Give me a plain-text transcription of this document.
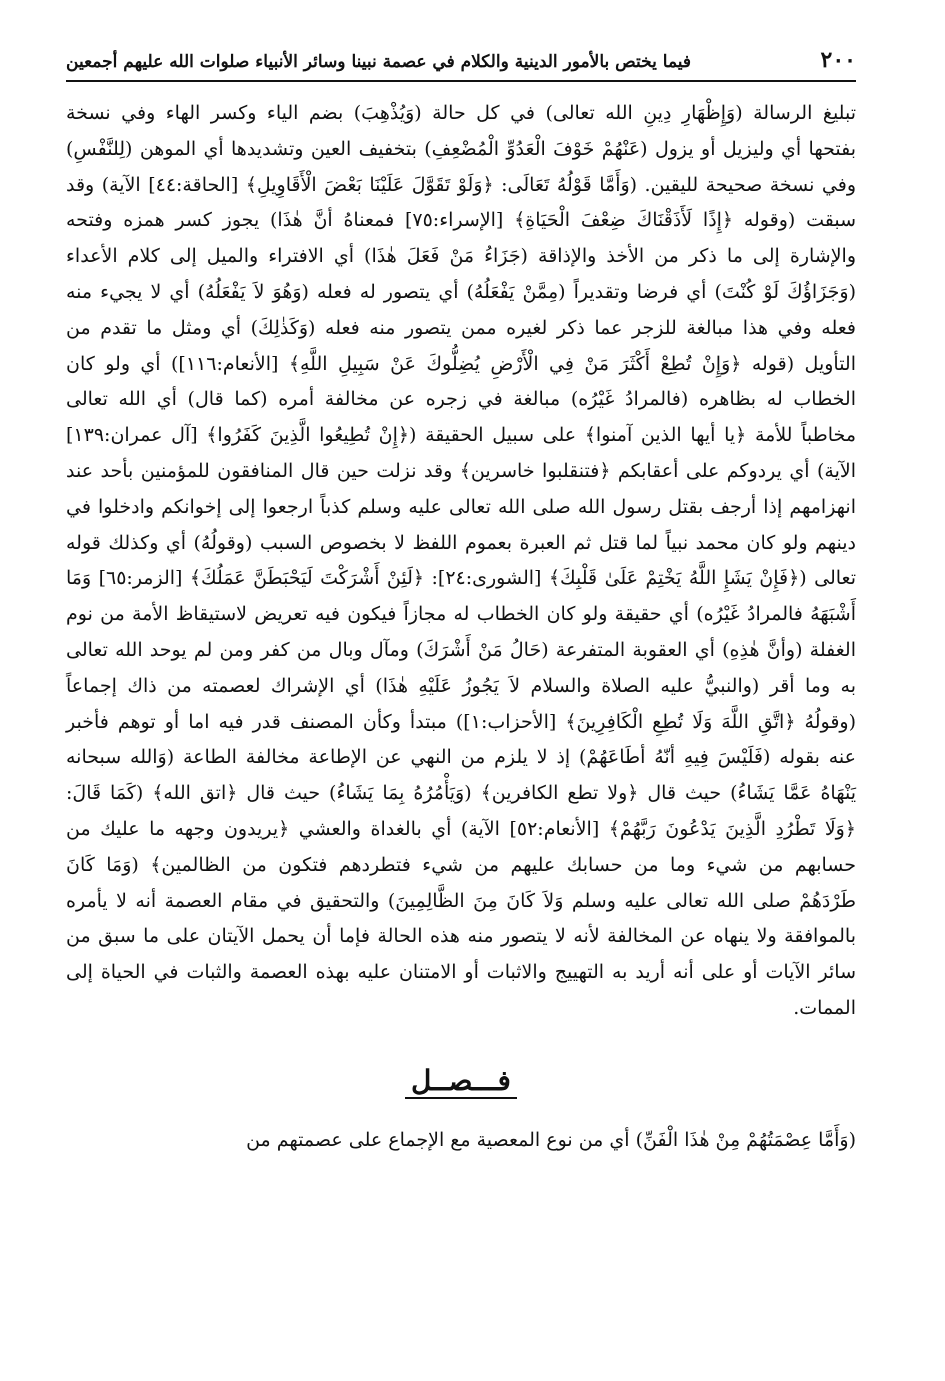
٢٠٠
فيما يختص بالأمور الدينية والكلام في عصمة نبينا وسائر الأنبياء صلوات الله عليهم أجمعين

تبليغ الرسالة (وَإِظْهَارِ دِينِ الله تعالى) في كل حالة (وَيُذْهِبَ) بضم الياء وكسر الهاء وفي نسخة بفتحها أي وليزيل أو يزول (عَنْهُمْ خَوْفَ الْعَدُوِّ الْمُضْعِفِ) بتخفيف العين وتشديدها أي الموهن (لِلنَّفْسِ) وفي نسخة صحيحة لليقين. (وَأَمَّا قَوْلُهُ تَعَالَى: ﴿وَلَوْ تَقَوَّلَ عَلَيْنَا بَعْضَ الْأَقَاوِيلِ﴾ [الحاقة:٤٤] الآية) وقد سبقت (وقوله ﴿إِذًا لَأَذَقْنَاكَ ضِعْفَ الْحَيَاةِ﴾ [الإسراء:٧٥] فمعناهُ أنَّ هٰذَا) يجوز كسر همزه وفتحه والإشارة إلى ما ذكر من الأخذ والإذاقة (جَزَاءُ مَنْ فَعَلَ هٰذَا) أي الافتراء والميل إلى كلام الأعداء (وَجَزَاؤُكَ لَوْ كُنْتَ) أي فرضا وتقديراً (مِمَّنْ يَفْعَلُهُ) أي يتصور له فعله (وَهُوَ لاَ يَفْعَلُهُ) أي لا يجيء منه فعله وفي هذا مبالغة للزجر عما ذكر لغيره ممن يتصور منه فعله (وَكَذٰلِكَ) أي ومثل ما تقدم من التأويل (قوله ﴿وَإِنْ تُطِعْ أَكْثَرَ مَنْ فِي الْأَرْضِ يُضِلُّوكَ عَنْ سَبِيلِ اللَّهِ﴾ [الأنعام:١١٦]) أي ولو كان الخطاب له بظاهره (فالمرادُ غَيْرُه) مبالغة في زجره عن مخالفة أمره (كما قال) أي الله تعالى مخاطباً للأمة ﴿يا أيها الذين آمنوا﴾ على سبيل الحقيقة (﴿إِنْ تُطِيعُوا الَّذِينَ كَفَرُوا﴾ [آل عمران:١٣٩] الآية) أي يردوكم على أعقابكم ﴿فتنقلبوا خاسرين﴾ وقد نزلت حين قال المنافقون للمؤمنين بأحد عند انهزامهم إذا أرجف بقتل رسول الله صلى الله تعالى عليه وسلم كذباً ارجعوا إلى إخوانكم وادخلوا في دينهم ولو كان محمد نبياً لما قتل ثم العبرة بعموم اللفظ لا بخصوص السبب (وقولُهُ) أي وكذلك قوله تعالى (﴿فَإِنْ يَشَإِ اللَّهُ يَخْتِمْ عَلَىٰ قَلْبِكَ﴾ [الشورى:٢٤]: ﴿لَئِنْ أَشْرَكْتَ لَيَحْبَطَنَّ عَمَلُكَ﴾ [الزمر:٦٥] وَمَا أَشْبَهَهُ فالمرادُ غَيْرُه) أي حقيقة ولو كان الخطاب له مجازاً فيكون فيه تعريض لاستيقاظ الأمة من نوم الغفلة (وأنَّ هٰذِهِ) أي العقوبة المتفرعة (حَالُ مَنْ أَشْرَكَ) ومآل وبال من كفر ومن لم يوحد الله تعالى به وما أقر (والنبيُّ عليه الصلاة والسلام لاَ يَجُوزُ عَلَيْهِ هٰذَا) أي الإشراك لعصمته من ذاك إجماعاً (وقولُهُ ﴿اتَّقِ اللَّهَ وَلَا تُطِعِ الْكَافِرِينَ﴾ [الأحزاب:١]) مبتدأ وكأن المصنف قدر فيه اما أو توهم فأخبر عنه بقوله (فَلَيْسَ فِيهِ أنّهُ أطَاعَهُمْ) إذ لا يلزم من النهي عن الإطاعة مخالفة الطاعة (وَالله سبحانه يَنْهَاهُ عَمَّا يَشَاءُ) حيث قال ﴿ولا تطع الكافرين﴾ (وَيَأْمُرُهُ بِمَا يَشَاءُ) حيث قال ﴿اتق الله﴾ (كَمَا قَالَ: ﴿وَلَا تَطْرُدِ الَّذِينَ يَدْعُونَ رَبَّهُمْ﴾ [الأنعام:٥٢] الآية) أي بالغداة والعشي ﴿يريدون وجهه ما عليك من حسابهم من شيء وما من حسابك عليهم من شيء فتطردهم فتكون من الظالمين﴾ (وَمَا كَانَ طَرْدَهُمْ صلى الله تعالى عليه وسلم وَلاَ كَانَ مِنَ الظَّالِمِينَ) والتحقيق في مقام العصمة أنه لا يأمره بالموافقة ولا ينهاه عن المخالفة لأنه لا يتصور منه هذه الحالة فإما أن يحمل الآيتان على ما سبق من سائر الآيات أو على أنه أريد به التهييج والاثبات أو الامتنان عليه بهذه العصمة والثبات في الحياة إلى الممات.

فـــصــل
(وَأَمَّا عِصْمَتُهُمْ مِنْ هٰذَا الْفَنِّ) أي من نوع المعصية مع الإجماع على عصمتهم من
